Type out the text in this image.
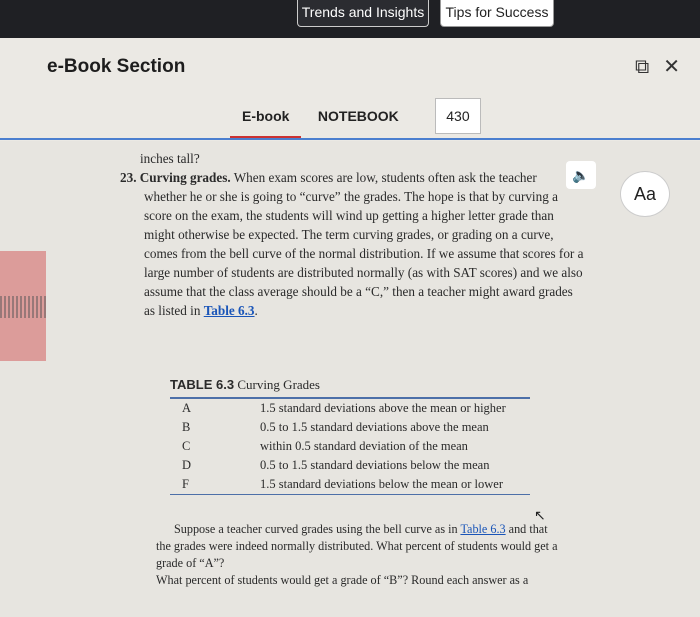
Trends and Insights	Tips for Success
e-Book Section	⧉ ✕
E-book NOTEBOOK	430

inches tall?

23. Curving grades. When exam scores are low, students often ask the teacher
whether he or she is going to “curve” the grades. The hope is that by curving a
score on the exam, the students will wind up getting a higher letter grade than
might otherwise be expected. The term curving grades, or grading on a curve,
comes from the bell curve of the normal distribution. If we assume that scores for a
large number of students are distributed normally (as with SAT scores) and we also
assume that the class average should be a “C,” then a teacher might award grades
as listed in Table 6.3.

🔈
Aa
TABLE 6.3 Curving Grades
A	1.5 standard deviations above the mean or higher
B	0.5 to 1.5 standard deviations above the mean
C	within 0.5 standard deviation of the mean
D	0.5 to 1.5 standard deviations below the mean
F	1.5 standard deviations below the mean or lower
↖

Suppose a teacher curved grades using the bell curve as in Table 6.3 and that

the grades were indeed normally distributed. What percent of students would get a

grade of “A”?

What percent of students would get a grade of “B”? Round each answer as a
